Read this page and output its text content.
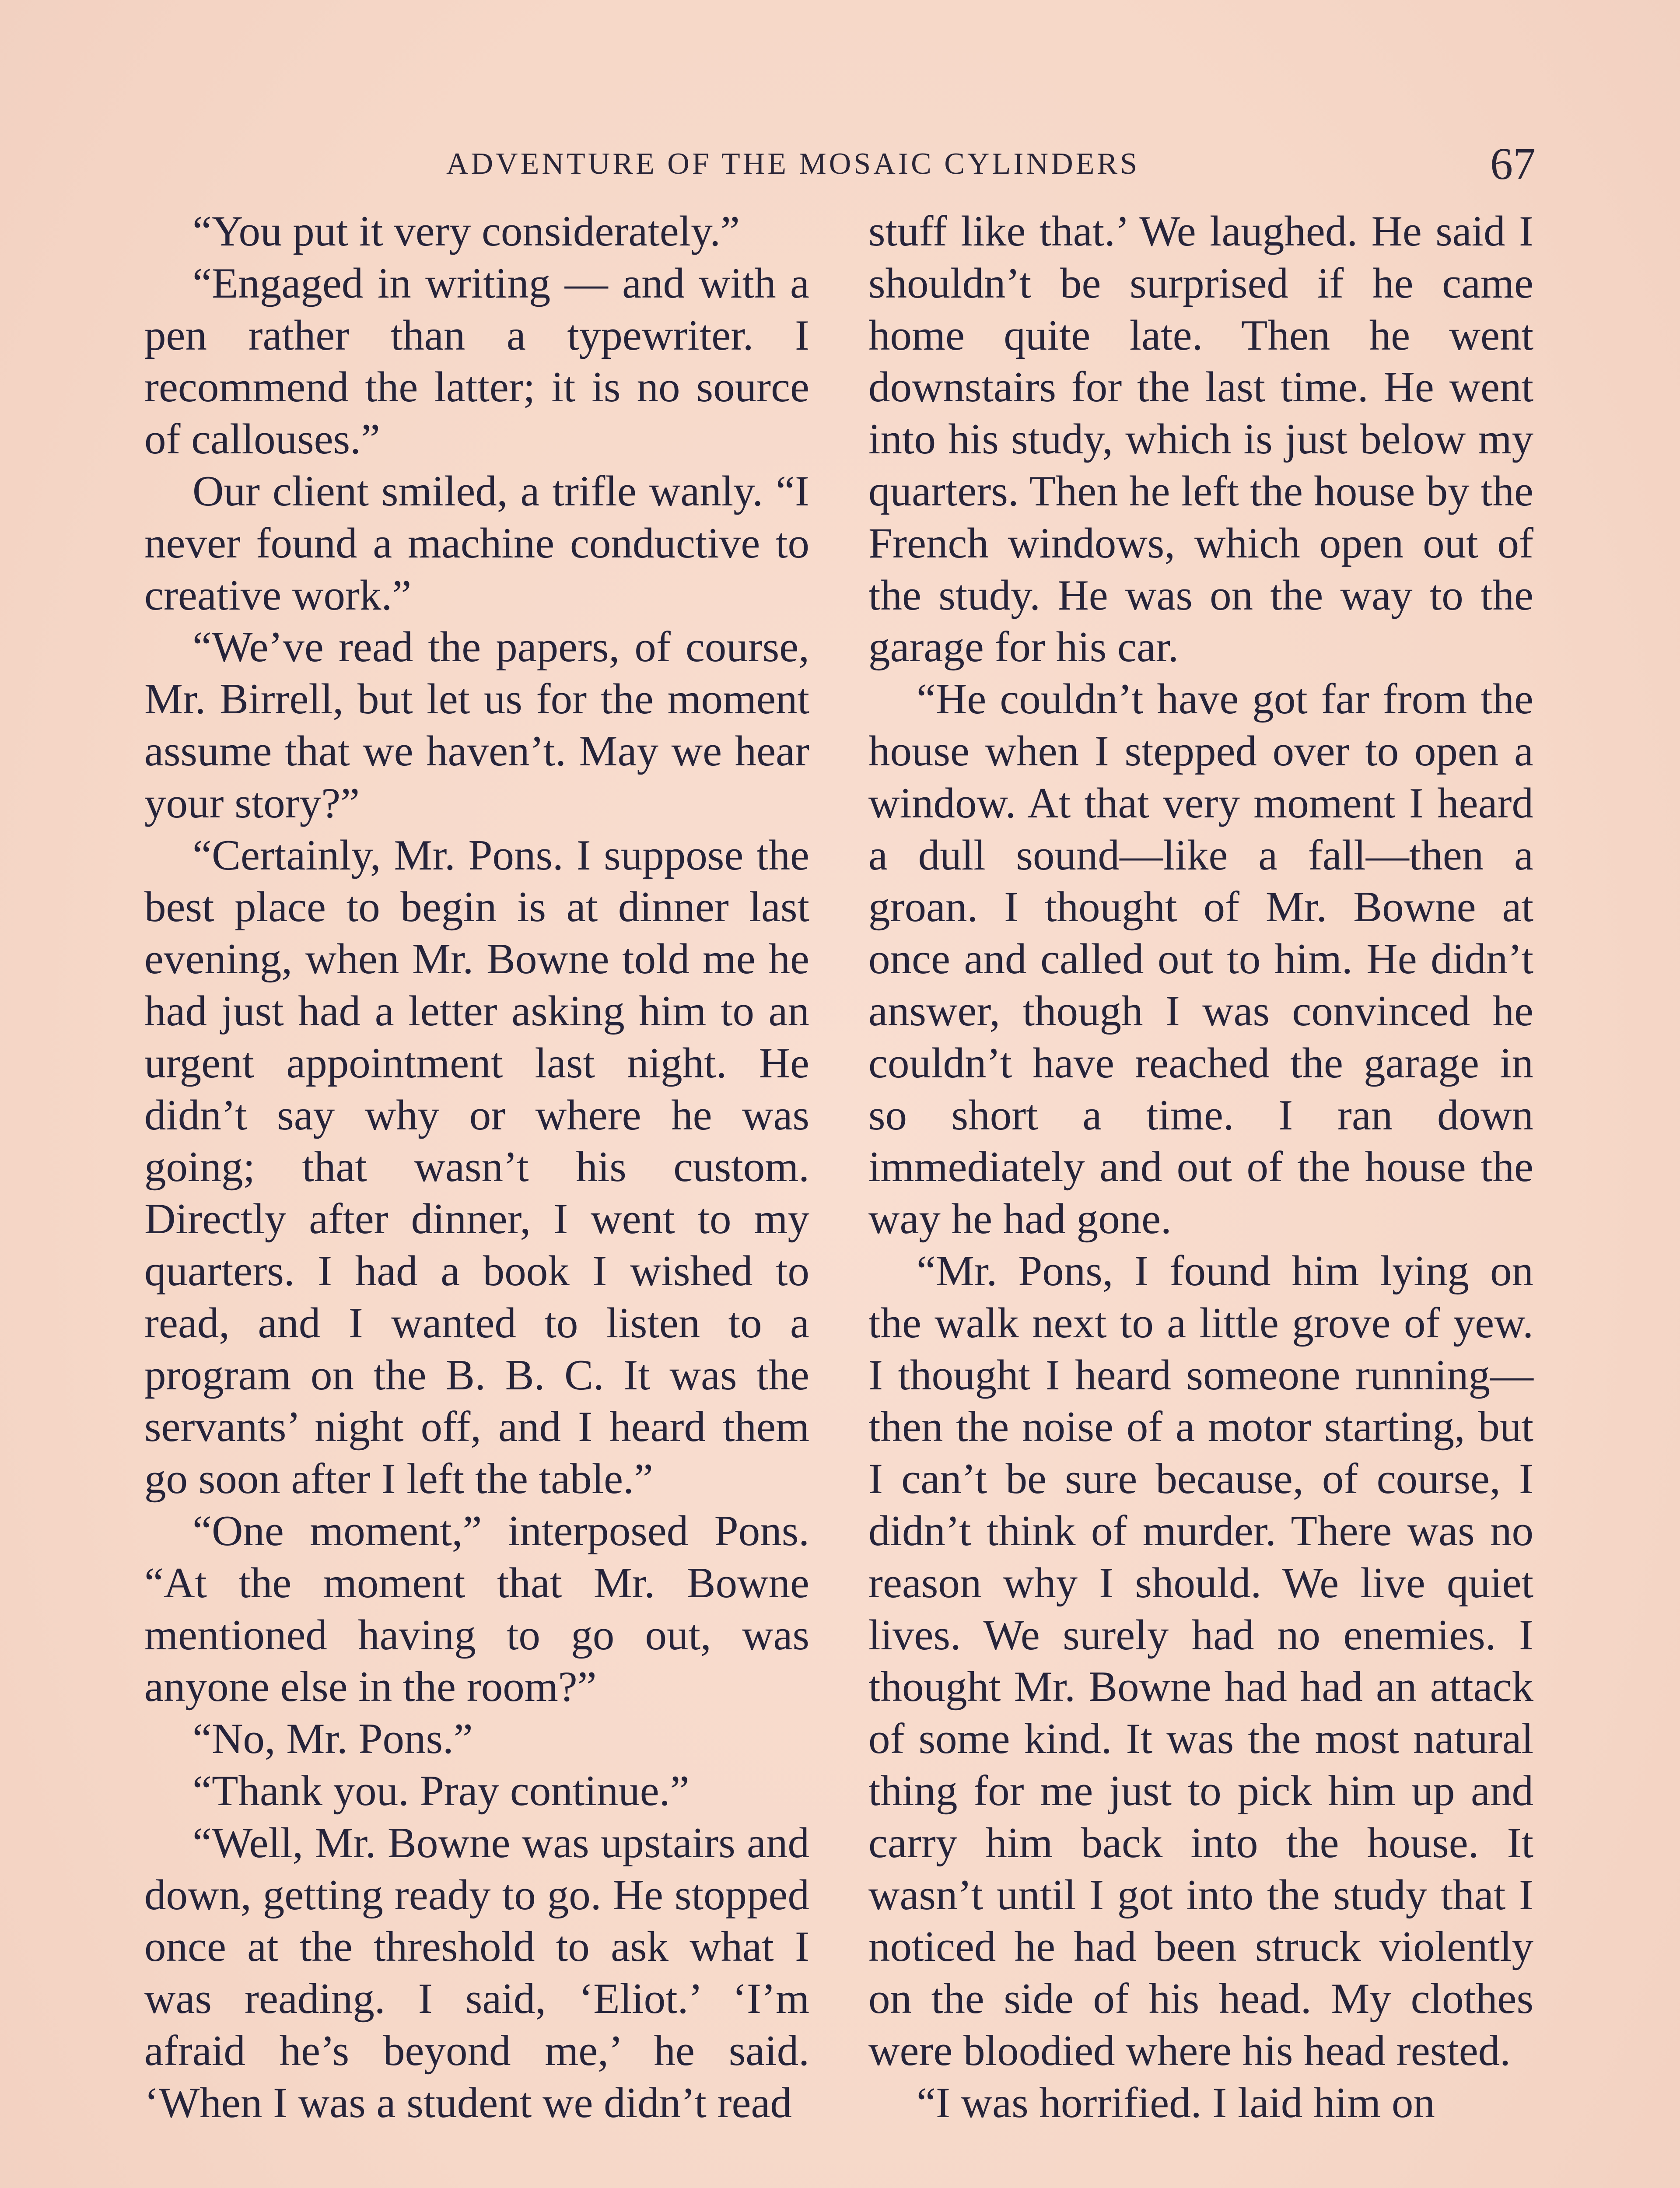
ADVENTURE OF THE MOSAIC CYLINDERS	67

“You put it very considerately.”

“Engaged in writing — and with a pen rather than a typewriter. I recommend the latter; it is no source of callouses.”

Our client smiled, a trifle wanly. “I never found a machine conductive to creative work.”

“We’ve read the papers, of course, Mr. Birrell, but let us for the moment assume that we haven’t. May we hear your story?”

“Certainly, Mr. Pons. I suppose the best place to begin is at dinner last evening, when Mr. Bowne told me he had just had a letter asking him to an urgent appointment last night. He didn’t say why or where he was going; that wasn’t his custom. Directly after dinner, I went to my quarters. I had a book I wished to read, and I wanted to listen to a program on the B. B. C. It was the servants’ night off, and I heard them go soon after I left the table.”

“One moment,” interposed Pons. “At the moment that Mr. Bowne mentioned having to go out, was anyone else in the room?”

“No, Mr. Pons.”

“Thank you. Pray continue.”

“Well, Mr. Bowne was upstairs and down, getting ready to go. He stopped once at the threshold to ask what I was reading. I said, ‘Eliot.’ ‘I’m afraid he’s beyond me,’ he said. ‘When I was a student we didn’t read

stuff like that.’ We laughed. He said I shouldn’t be surprised if he came home quite late. Then he went downstairs for the last time. He went into his study, which is just below my quarters. Then he left the house by the French windows, which open out of the study. He was on the way to the garage for his car.

“He couldn’t have got far from the house when I stepped over to open a window. At that very moment I heard a dull sound—like a fall—then a groan. I thought of Mr. Bowne at once and called out to him. He didn’t answer, though I was convinced he couldn’t have reached the garage in so short a time. I ran down immediately and out of the house the way he had gone.

“Mr. Pons, I found him lying on the walk next to a little grove of yew. I thought I heard someone running—then the noise of a motor starting, but I can’t be sure because, of course, I didn’t think of murder. There was no reason why I should. We live quiet lives. We surely had no enemies. I thought Mr. Bowne had had an attack of some kind. It was the most natural thing for me just to pick him up and carry him back into the house. It wasn’t until I got into the study that I noticed he had been struck violently on the side of his head. My clothes were bloodied where his head rested.

“I was horrified. I laid him on
